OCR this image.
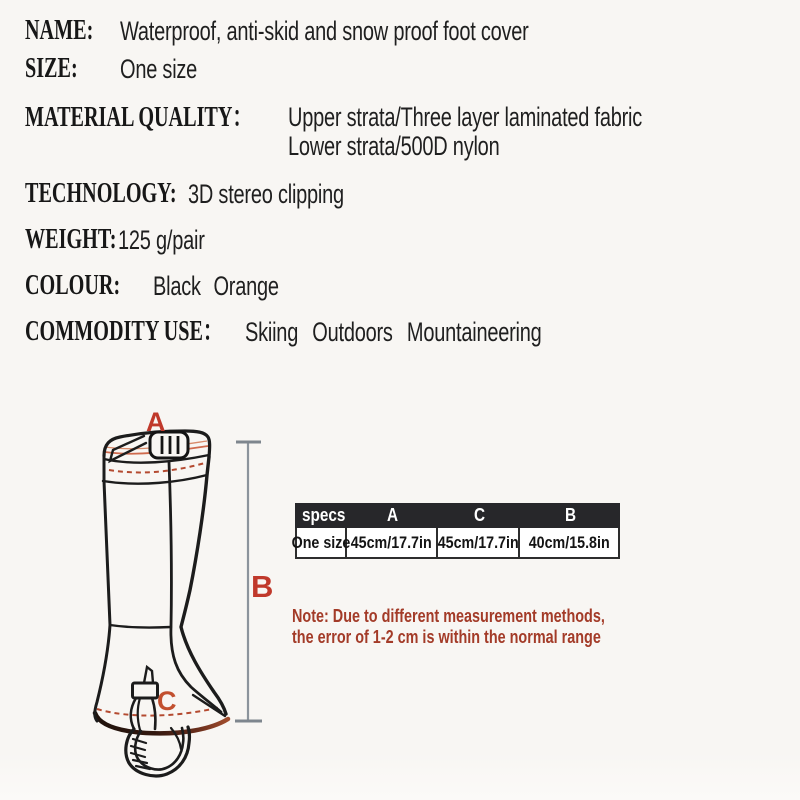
NAME: Waterproof, anti-skid and snow proof foot cover
SIZE: One size
MATERIAL QUALITY： Upper strata/Three layer laminated fabric
Lower strata/500D nylon
TECHNOLOGY: 3D stereo clipping
WEIGHT: 125 g/pair
COLOUR: Black Orange
COMMODITY USE： Skiing Outdoors Mountaineering
A
B
C
specs A	C	B
One size 45cm/17.7in 45cm/17.7in 40cm/15.8in
Note: Due to different measurement methods,
the error of 1-2 cm is within the normal range
